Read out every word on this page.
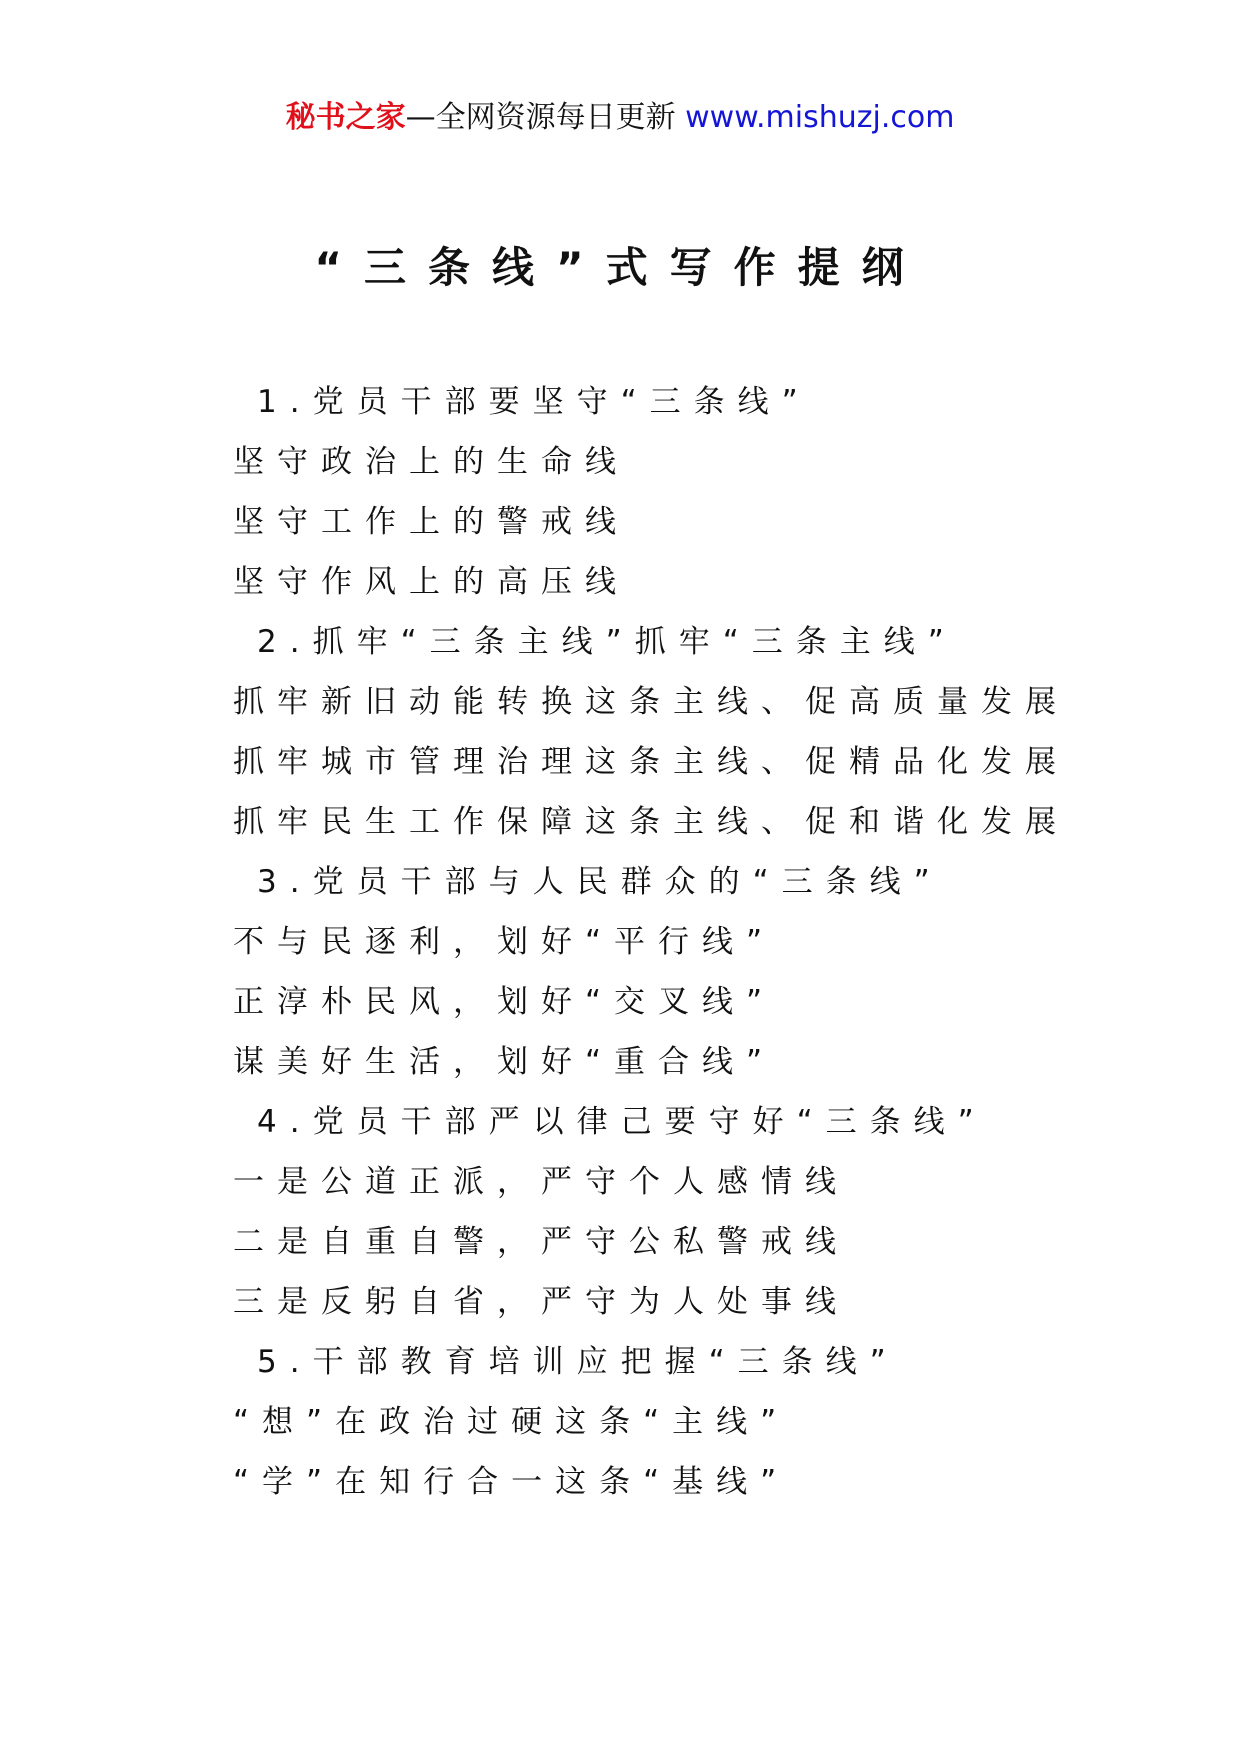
秘书之家—全网资源每日更新 www.mishuzj.com
“三条线”式写作提纲
1.党员干部要坚守“三条线”
坚守政治上的生命线
坚守工作上的警戒线
坚守作风上的高压线
2.抓牢“三条主线”抓牢“三条主线”
抓牢新旧动能转换这条主线、促高质量发展
抓牢城市管理治理这条主线、促精品化发展
抓牢民生工作保障这条主线、促和谐化发展
3.党员干部与人民群众的“三条线”
不与民逐利，划好“平行线”
正淳朴民风，划好“交叉线”
谋美好生活，划好“重合线”
4.党员干部严以律己要守好“三条线”
一是公道正派，严守个人感情线
二是自重自警，严守公私警戒线
三是反躬自省，严守为人处事线
5.干部教育培训应把握“三条线”
“想”在政治过硬这条“主线”
“学”在知行合一这条“基线”
